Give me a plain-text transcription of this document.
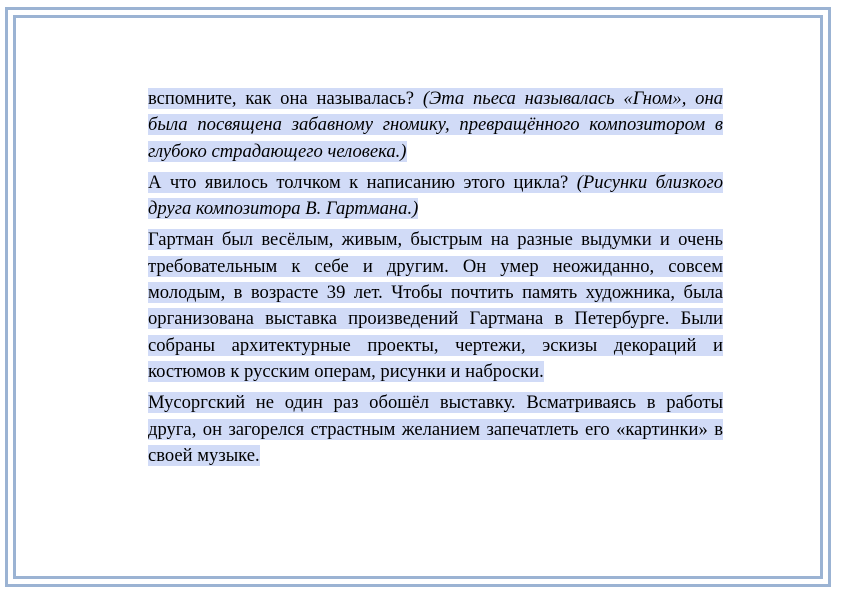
вспомните, как она называлась? (Эта пьеса называлась «Гном», она была посвящена забавному гномику, превращённого композитором в глубоко страдающего человека.)

А что явилось толчком к написанию этого цикла? (Рисунки близкого друга композитора В. Гартмана.)

Гартман был весёлым, живым, быстрым на разные выдумки и очень требовательным к себе и другим. Он умер неожиданно, совсем молодым, в возрасте 39 лет. Чтобы почтить память художника, была организована выставка произведений Гартмана в Петербурге. Были собраны архитектурные проекты, чертежи, эскизы декораций и костюмов к русским операм, рисунки и наброски.

Мусоргский не один раз обошёл выставку. Всматриваясь в работы друга, он загорелся страстным желанием запечатлеть его «картинки» в своей музыке.
